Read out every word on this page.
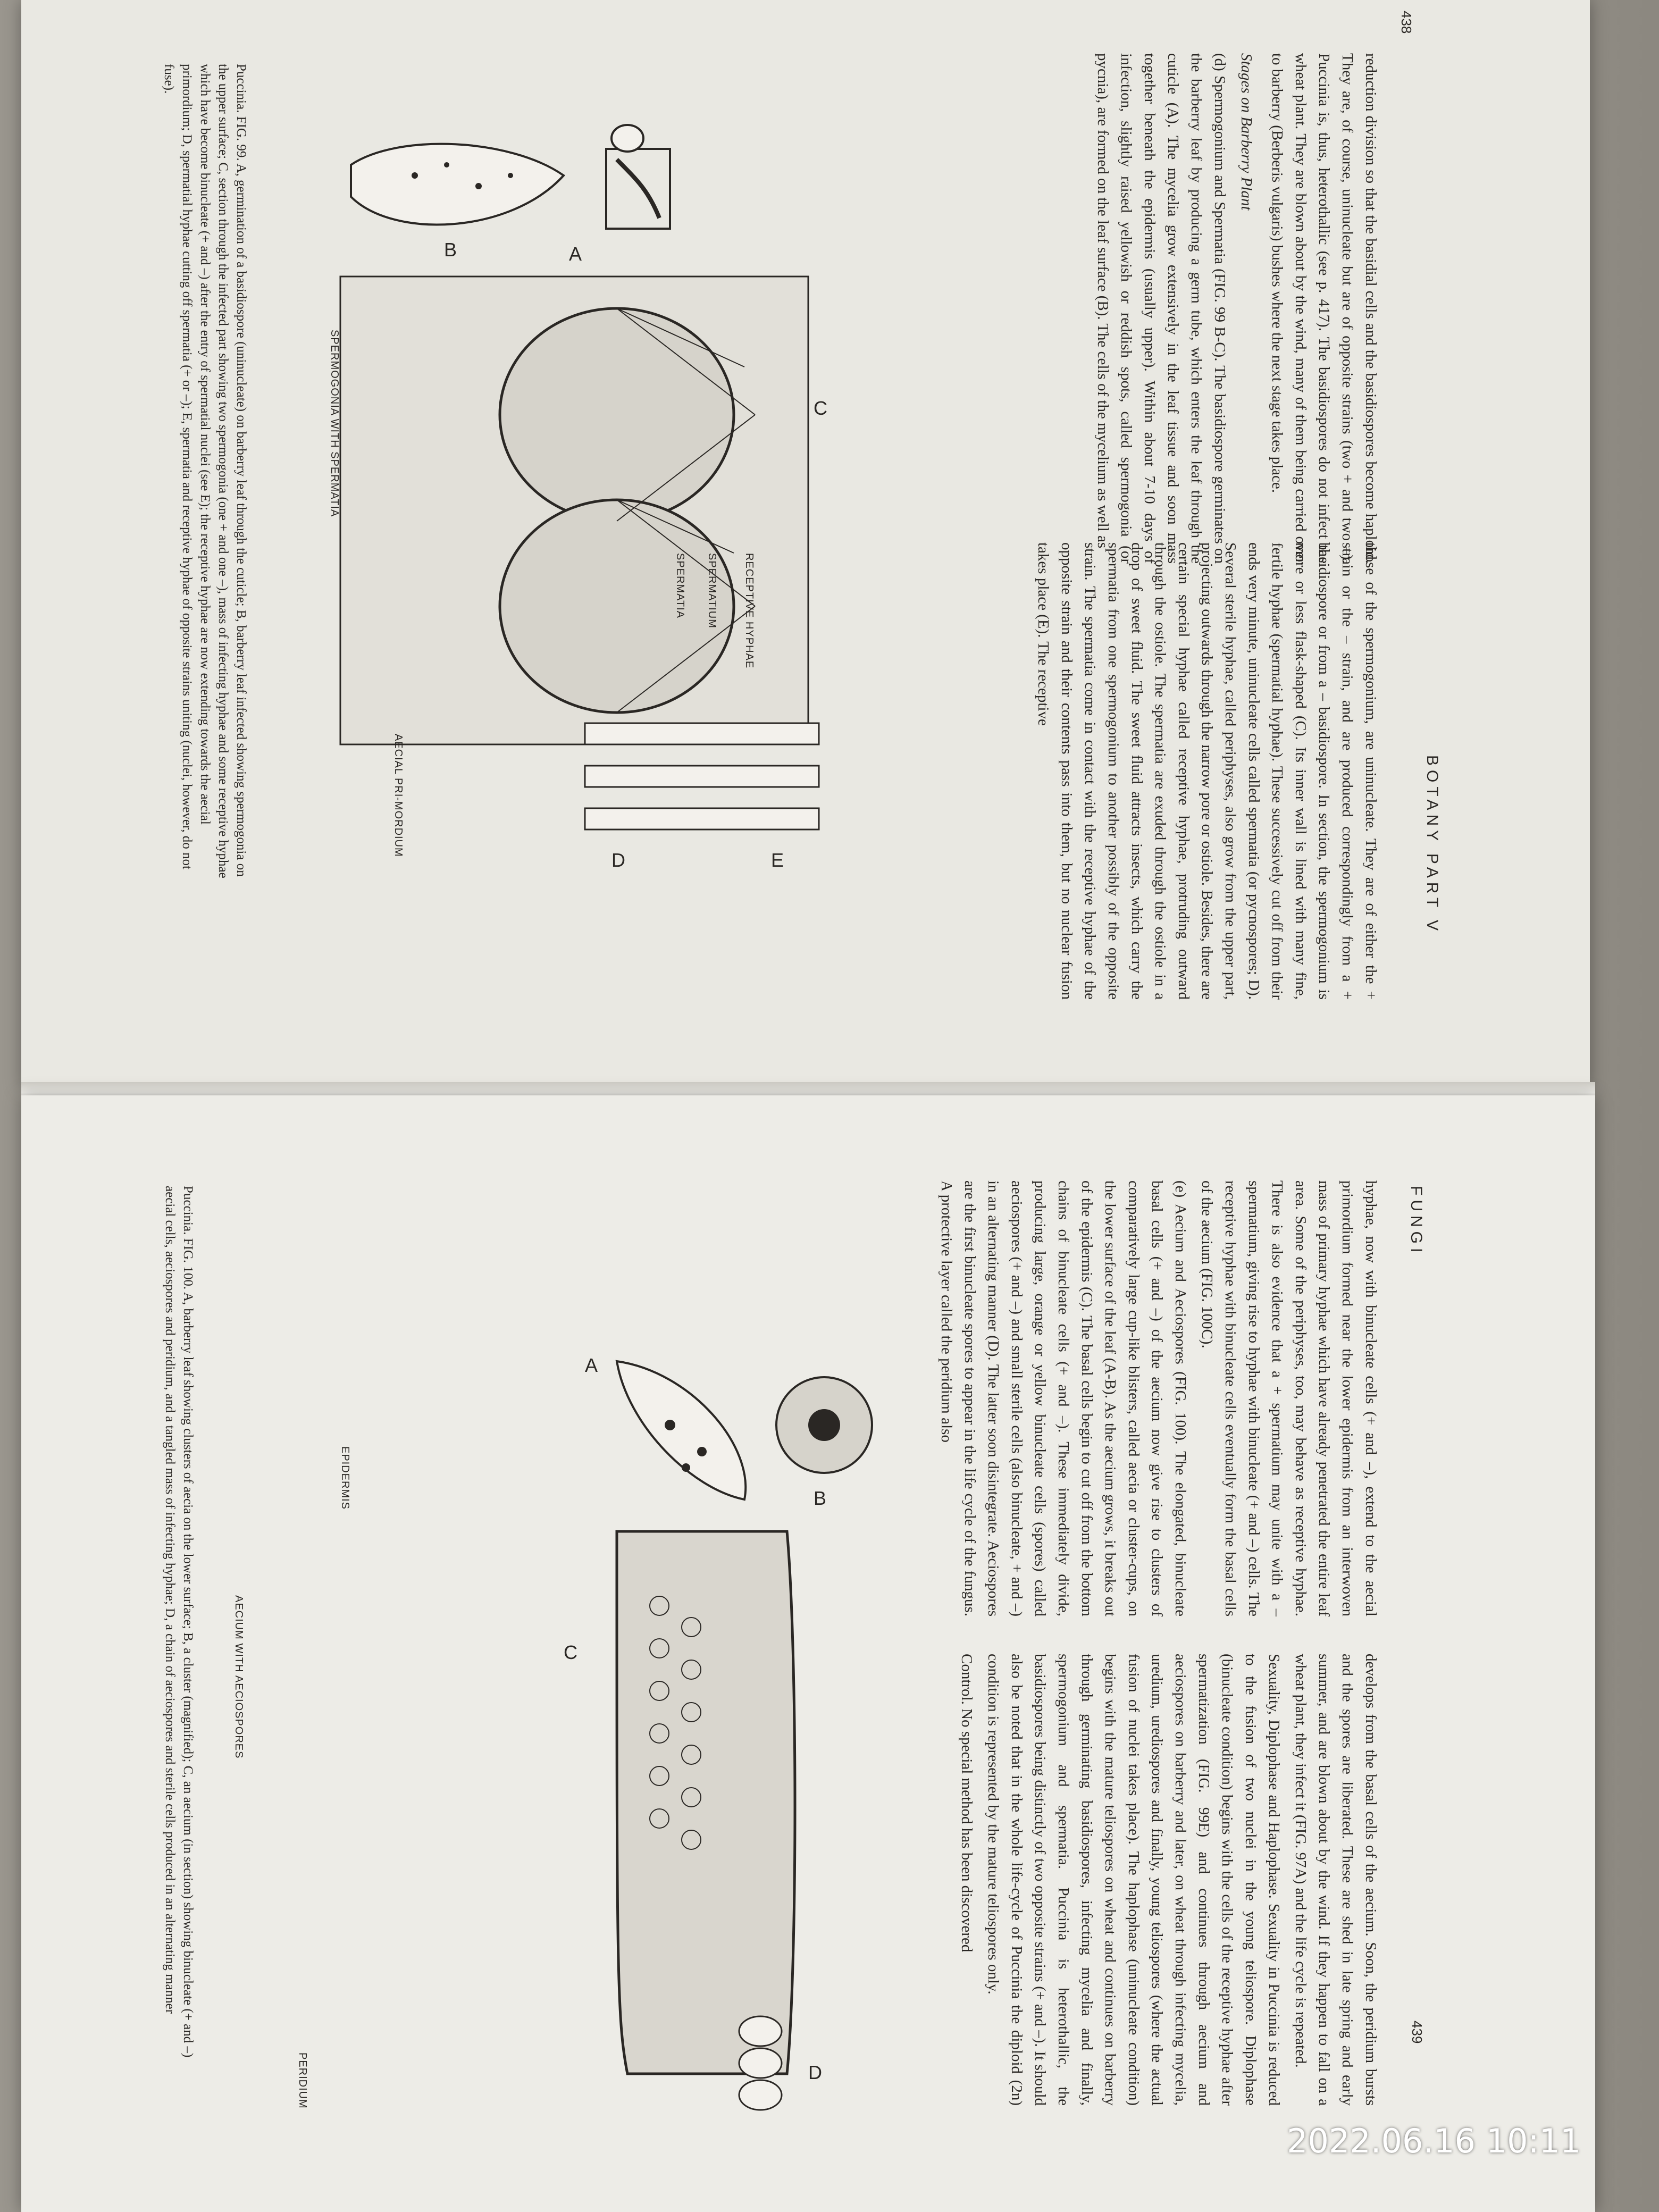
BOTANY PART V
438

reduction division so that the basidial cells and the basidiospores become haploid. They are, of course, uninucleate but are of opposite strains (two + and two –). Puccinia is, thus, heterothallic (see p. 417). The basidiospores do not infect the wheat plant. They are blown about by the wind, many of them being carried over to barberry (Berberis vulgaris) bushes where the next stage takes place.

Stages on Barberry Plant

(d) Spermogonium and Spermatia (FIG. 99 B-C). The basidiospore germinates on the barberry leaf by producing a germ tube, which enters the leaf through the cuticle (A). The mycelia grow extensively in the leaf tissue and soon mass together beneath the epidermis (usually upper). Within about 7-10 days of infection, slightly raised yellowish or reddish spots, called spermogonia (or pycnia), are formed on the leaf surface (B). The cells of the mycelium as well as

those of the spermogonium, are uninucleate. They are of either the + strain or the – strain, and are produced correspondingly from a + basidiospore or from a – basidiospore. In section, the spermogonium is more or less flask-shaped (C). Its inner wall is lined with many fine, fertile hyphae (spermatial hyphae). These successively cut off from their ends very minute, uninucleate cells called spermatia (or pycnospores; D). Several sterile hyphae, called periphyses, also grow from the upper part, projecting outwards through the narrow pore or ostiole. Besides, there are certain special hyphae called receptive hyphae, protruding outward through the ostiole. The spermatia are exuded through the ostiole in a drop of sweet fluid. The sweet fluid attracts insects, which carry the spermatia from one spermogonium to another possibly of the opposite strain. The spermatia come in contact with the receptive hyphae of the opposite strain and their contents pass into them, but no nuclear fusion takes place (E). The receptive

B	A
C
D	E
RECEPTIVE HYPHAE
SPERMATIUM
SPERMATIA
AECIAL PRI-MORDIUM
SPERMOGONIA WITH SPERMATIA

Puccinia. FIG. 99. A, germination of a basidiospore (uninucleate) on barberry leaf through the cuticle; B, barberry leaf infected showing spermogonia on the upper surface; C, section through the infected part showing two spermogonia (one + and one –), mass of infecting hyphae and some receptive hyphae which have become binucleate (+ and –) after the entry of spermatial nuclei (see E); the receptive hyphae are now extending towards the aecial primordium; D, spermatial hyphae cutting off spermatia (+ or –); E, spermatia and receptive hyphae of opposite strains uniting (nuclei, however, do not fuse).

FUNGI
439

hyphae, now with binucleate cells (+ and –), extend to the aecial primordium formed near the lower epidermis from an interwoven mass of primary hyphae which have already penetrated the entire leaf area. Some of the periphyses, too, may behave as receptive hyphae. There is also evidence that a + spermatium may unite with a – spermatium, giving rise to hyphae with binucleate (+ and –) cells. The receptive hyphae with binucleate cells eventually form the basal cells of the aecium (FIG. 100C).

(e) Aecium and Aeciospores (FIG. 100). The elongated, binucleate basal cells (+ and –) of the aecium now give rise to clusters of comparatively large cup-like blisters, called aecia or cluster-cups, on the lower surface of the leaf (A-B). As the aecium grows, it breaks out of the epidermis (C). The basal cells begin to cut off from the bottom chains of binucleate cells (+ and –). These immediately divide, producing large, orange or yellow binucleate cells (spores) called aeciospores (+ and –) and small sterile cells (also binucleate, + and –) in an alternating manner (D). The latter soon disintegrate. Aeciospores are the first binucleate spores to appear in the life cycle of the fungus. A protective layer called the peridium also

develops from the basal cells of the aecium. Soon, the peridium bursts and the spores are liberated. These are shed in late spring and early summer, and are blown about by the wind. If they happen to fall on a wheat plant, they infect it (FIG. 97A) and the life cycle is repeated.

Sexuality, Diplophase and Haplophase. Sexuality in Puccinia is reduced to the fusion of two nuclei in the young teliospore. Diplophase (binucleate condition) begins with the cells of the receptive hyphae after spermatization (FIG. 99E) and continues through aecium and aeciospores on barberry and later, on wheat through infecting mycelia, uredium, urediospores and finally, young teliospores (where the actual fusion of nuclei takes place). The haplophase (uninucleate condition) begins with the mature teliospores on wheat and continues on barberry through germinating basidiospores, infecting mycelia and finally, spermogonium and spermatia. Puccinia is heterothallic, the basidiospores being distinctly of two opposite strains (+ and –). It should also be noted that in the whole life-cycle of Puccinia the diploid (2n) condition is represented by the mature teliospores only.

Control. No special method has been discovered

A
B
C
D
EPIDERMIS
PERIDIUM
AECIUM WITH AECIOSPORES

Puccinia. FIG. 100. A, barberry leaf showing clusters of aecia on the lower surface; B, a cluster (magnified); C, an aecium (in section) showing binucleate (+ and –) aecial cells, aeciospores and peridium, and a tangled mass of infecting hyphae; D, a chain of aeciospores and sterile cells produced in an alternating manner

2022.06.16 10:11
